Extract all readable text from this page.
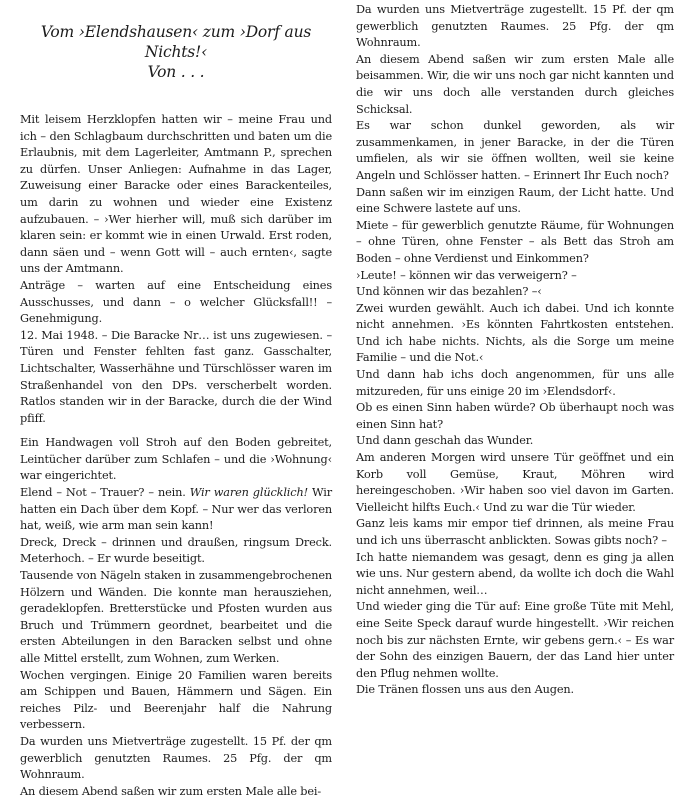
Vom ›Elendshausen‹ zum ›Dorf aus Nichts!‹
Von . . .

Mit leisem Herzklopfen hatten wir – meine Frau und ich – den Schlagbaum durchschritten und baten um die Erlaubnis, mit dem Lagerleiter, Amtmann P., sprechen zu dürfen. Unser Anliegen: Aufnahme in das Lager, Zuweisung einer Baracke oder eines Barackenteiles, um darin zu wohnen und wieder eine Existenz aufzubauen. – ›Wer hierher will, muß sich darüber im klaren sein: er kommt wie in einen Urwald. Erst roden, dann säen und – wenn Gott will – auch ernten‹, sagte uns der Amtmann.

Anträge – warten auf eine Entscheidung eines Ausschusses, und dann – o welcher Glücksfall!! – Genehmigung.

12. Mai 1948. – Die Baracke Nr… ist uns zugewiesen. – Türen und Fenster fehlten fast ganz. Gasschalter, Lichtschalter, Wasserhähne und Türschlösser waren im Straßenhandel von den DPs. verscherbelt worden. Ratlos standen wir in der Baracke, durch die der Wind pfiff.

Ein Handwagen voll Stroh auf den Boden gebreitet, Leintücher darüber zum Schlafen – und die ›Wohnung‹ war eingerichtet.

Elend – Not – Trauer? – nein. Wir waren glücklich! Wir hatten ein Dach über dem Kopf. – Nur wer das verloren hat, weiß, wie arm man sein kann!

Dreck, Dreck – drinnen und draußen, ringsum Dreck. Meterhoch. – Er wurde beseitigt.

Tausende von Nägeln staken in zusammengebrochenen Hölzern und Wänden. Die konnte man herausziehen, geradeklopfen. Bretterstücke und Pfosten wurden aus Bruch und Trümmern geordnet, bearbeitet und die ersten Abteilungen in den Baracken selbst und ohne alle Mittel erstellt, zum Wohnen, zum Werken.

Wochen vergingen. Einige 20 Familien waren bereits am Schippen und Bauen, Hämmern und Sägen. Ein reiches Pilz- und Beerenjahr half die Nahrung verbessern.

Da wurden uns Mietverträge zugestellt. 15 Pf. der qm gewerblich genutzten Raumes. 25 Pfg. der qm Wohnraum.

An diesem Abend saßen wir zum ersten Male alle bei-

Da wurden uns Mietverträge zugestellt. 15 Pf. der qm gewerblich genutzten Raumes. 25 Pfg. der qm Wohnraum.

An diesem Abend saßen wir zum ersten Male alle beisammen. Wir, die wir uns noch gar nicht kannten und die wir uns doch alle verstanden durch gleiches Schicksal.

Es war schon dunkel geworden, als wir zusammenkamen, in jener Baracke, in der die Türen umfielen, als wir sie öffnen wollten, weil sie keine Angeln und Schlösser hatten. – Erinnert Ihr Euch noch?

Dann saßen wir im einzigen Raum, der Licht hatte. Und eine Schwere lastete auf uns.

Miete – für gewerblich genutzte Räume, für Wohnungen – ohne Türen, ohne Fenster – als Bett das Stroh am Boden – ohne Verdienst und Einkommen?

›Leute! – können wir das verweigern? –

Und können wir das bezahlen? –‹

Zwei wurden gewählt. Auch ich dabei. Und ich konnte nicht annehmen. ›Es könnten Fahrtkosten entstehen. Und ich habe nichts. Nichts, als die Sorge um meine Familie – und die Not.‹

Und dann hab ichs doch angenommen, für uns alle mitzureden, für uns einige 20 im ›Elendsdorf‹.

Ob es einen Sinn haben würde? Ob überhaupt noch was einen Sinn hat?

Und dann geschah das Wunder.

Am anderen Morgen wird unsere Tür geöffnet und ein Korb voll Gemüse, Kraut, Möhren wird hereingeschoben. ›Wir haben soo viel davon im Garten. Vielleicht hilfts Euch.‹ Und zu war die Tür wieder.

Ganz leis kams mir empor tief drinnen, als meine Frau und ich uns überrascht anblickten. Sowas gibts noch? –

Ich hatte niemandem was gesagt, denn es ging ja allen wie uns. Nur gestern abend, da wollte ich doch die Wahl nicht annehmen, weil…

Und wieder ging die Tür auf: Eine große Tüte mit Mehl, eine Seite Speck darauf wurde hingestellt. ›Wir reichen noch bis zur nächsten Ernte, wir gebens gern.‹ – Es war der Sohn des einzigen Bauern, der das Land hier unter den Pflug nehmen wollte.

Die Tränen flossen uns aus den Augen.
